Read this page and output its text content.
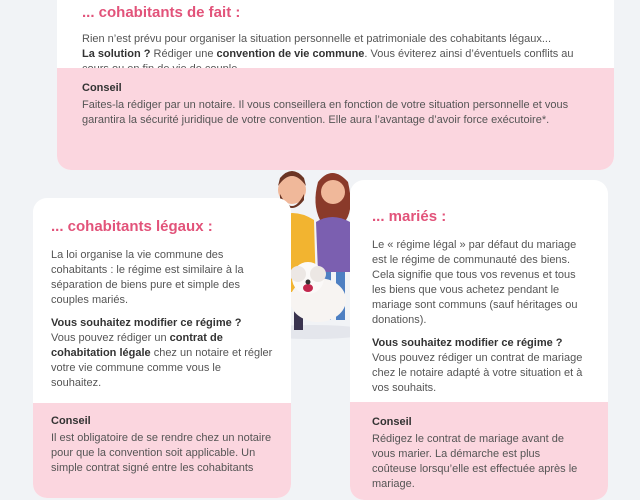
... cohabitants de fait :
Rien n’est prévu pour organiser la situation personnelle et patrimoniale des cohabitants légaux...
La solution ? Rédiger une convention de vie commune. Vous éviterez ainsi d’éventuels conflits au
Conseil
Faites-la rédiger par un notaire. Il vous conseillera en fonction de votre situation personnelle et vous garantira la sécurité juridique de votre convention. Elle aura l’avantage d’avoir force exécutoire*.
... cohabitants légaux :
La loi organise la vie commune des cohabitants : le régime est similaire à la séparation de biens pure et simple des couples mariés.
Vous souhaitez modifier ce régime ?
Vous pouvez rédiger un contrat de cohabitation légale chez un notaire et régler votre vie commune comme vous le souhaitez.
Conseil
Il est obligatoire de se rendre chez un notaire pour que la convention soit applicable. Un simple contrat signé entre les cohabitants
... mariés :
Le « régime légal » par défaut du mariage est le régime de communauté des biens. Cela signifie que tous vos revenus et tous les biens que vous achetez pendant le mariage sont communs (sauf héritages ou donations).
Vous souhaitez modifier ce régime ?
Vous pouvez rédiger un contrat de mariage chez le notaire adapté à votre situation et à vos souhaits.
Conseil
Rédigez le contrat de mariage avant de vous marier. La démarche est plus coûteuse lorsqu’elle est effectuée après le mariage.
